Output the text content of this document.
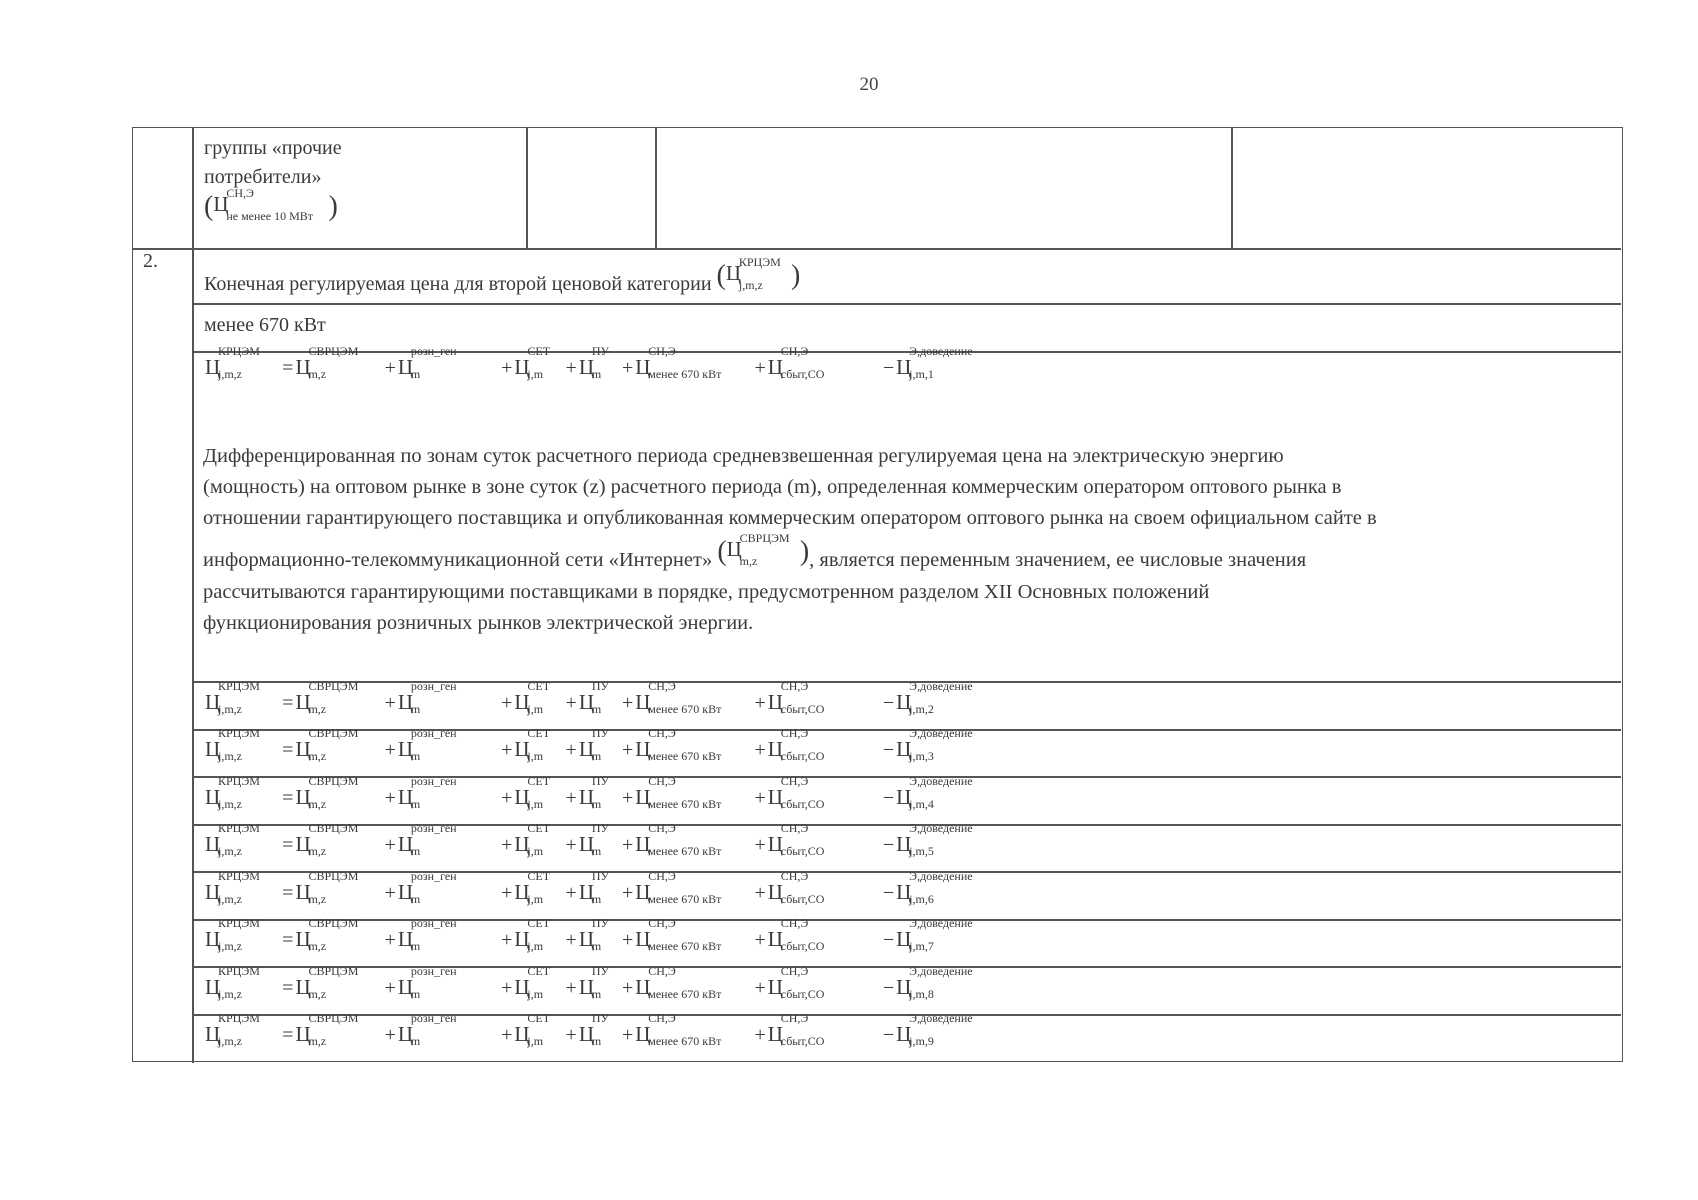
20
группы «прочие
потребители»
(Ц
СН,Э
не менее 10 МВт )
2.
Конечная регулируемая цена для второй ценовой категории (Ц
КРЦЭМ
j,m,z )
менее 670 кВт
Ц
КРЦЭМ
j,m,z =Ц
СВРЦЭМ
m,z	+Ц
розн_ген
m	+Ц
СЕТ
j,m +Ц
ПУ
m +Ц
СН,Э
менее 670 кВт +Ц
СН,Э
сбыт,СО	−Ц
Э,доведение
j,m,1
Ц
КРЦЭМ
j,m,z =Ц
СВРЦЭМ
m,z	+Ц
розн_ген
m	+Ц
СЕТ
j,m +Ц
ПУ
m +Ц
СН,Э
менее 670 кВт +Ц
СН,Э
сбыт,СО	−Ц
Э,доведение
j,m,2
Ц
КРЦЭМ
j,m,z =Ц
СВРЦЭМ
m,z	+Ц
розн_ген
m	+Ц
СЕТ
j,m +Ц
ПУ
m +Ц
СН,Э
менее 670 кВт +Ц
СН,Э
сбыт,СО	−Ц
Э,доведение
j,m,3
Ц
КРЦЭМ
j,m,z =Ц
СВРЦЭМ
m,z	+Ц
розн_ген
m	+Ц
СЕТ
j,m +Ц
ПУ
m +Ц
СН,Э
менее 670 кВт +Ц
СН,Э
сбыт,СО	−Ц
Э,доведение
j,m,4
Ц
КРЦЭМ
j,m,z =Ц
СВРЦЭМ
m,z	+Ц
розн_ген
m	+Ц
СЕТ
j,m +Ц
ПУ
m +Ц
СН,Э
менее 670 кВт +Ц
СН,Э
сбыт,СО	−Ц
Э,доведение
j,m,5
Ц
КРЦЭМ
j,m,z =Ц
СВРЦЭМ
m,z	+Ц
розн_ген
m	+Ц
СЕТ
j,m +Ц
ПУ
m +Ц
СН,Э
менее 670 кВт +Ц
СН,Э
сбыт,СО	−Ц
Э,доведение
j,m,6
Ц
КРЦЭМ
j,m,z =Ц
СВРЦЭМ
m,z	+Ц
розн_ген
m	+Ц
СЕТ
j,m +Ц
ПУ
m +Ц
СН,Э
менее 670 кВт +Ц
СН,Э
сбыт,СО	−Ц
Э,доведение
j,m,7
Ц
КРЦЭМ
j,m,z =Ц
СВРЦЭМ
m,z	+Ц
розн_ген
m	+Ц
СЕТ
j,m +Ц
ПУ
m +Ц
СН,Э
менее 670 кВт +Ц
СН,Э
сбыт,СО	−Ц
Э,доведение
j,m,8
Ц
КРЦЭМ
j,m,z =Ц
СВРЦЭМ
m,z	+Ц
розн_ген
m	+Ц
СЕТ
j,m +Ц
ПУ
m +Ц
СН,Э
менее 670 кВт +Ц
СН,Э
сбыт,СО	−Ц
Э,доведение
j,m,9
Дифференцированная по зонам суток расчетного периода средневзвешенная регулируемая цена на электрическую энергию
(мощность) на оптовом рынке в зоне суток (z) расчетного периода (m), определенная коммерческим оператором оптового рынка в
отношении гарантирующего поставщика и опубликованная коммерческим оператором оптового рынка на своем официальном сайте в
информационно-телекоммуникационной сети «Интернет» (Ц
СВРЦЭМ
m,z ), является переменным значением, ее числовые значения
рассчитываются гарантирующими поставщиками в порядке, предусмотренном разделом XII Основных положений
функционирования розничных рынков электрической энергии.
